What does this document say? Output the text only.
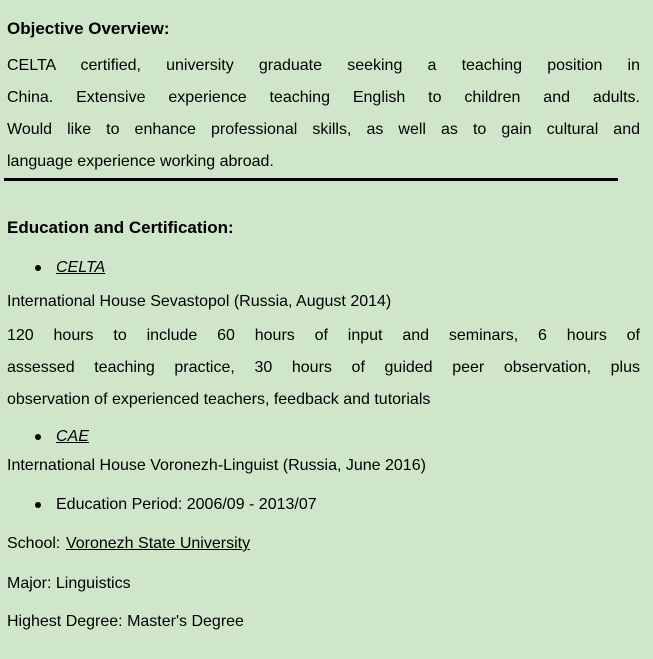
Objective Overview:
CELTA certified, university graduate seeking a teaching position in
China. Extensive experience teaching English to children and adults.
Would like to enhance professional skills, as well as to gain cultural and
language experience working abroad.
Education and Certification:
CELTA
International House Sevastopol (Russia, August 2014)
120 hours to include 60 hours of input and seminars, 6 hours of
assessed teaching practice, 30 hours of guided peer observation, plus
observation of experienced teachers, feedback and tutorials
CAE
International House Voronezh-Linguist (Russia, June 2016)
Education Period: 2006/09 - 2013/07
School: Voronezh State University
Major: Linguistics
Highest Degree: Master's Degree
